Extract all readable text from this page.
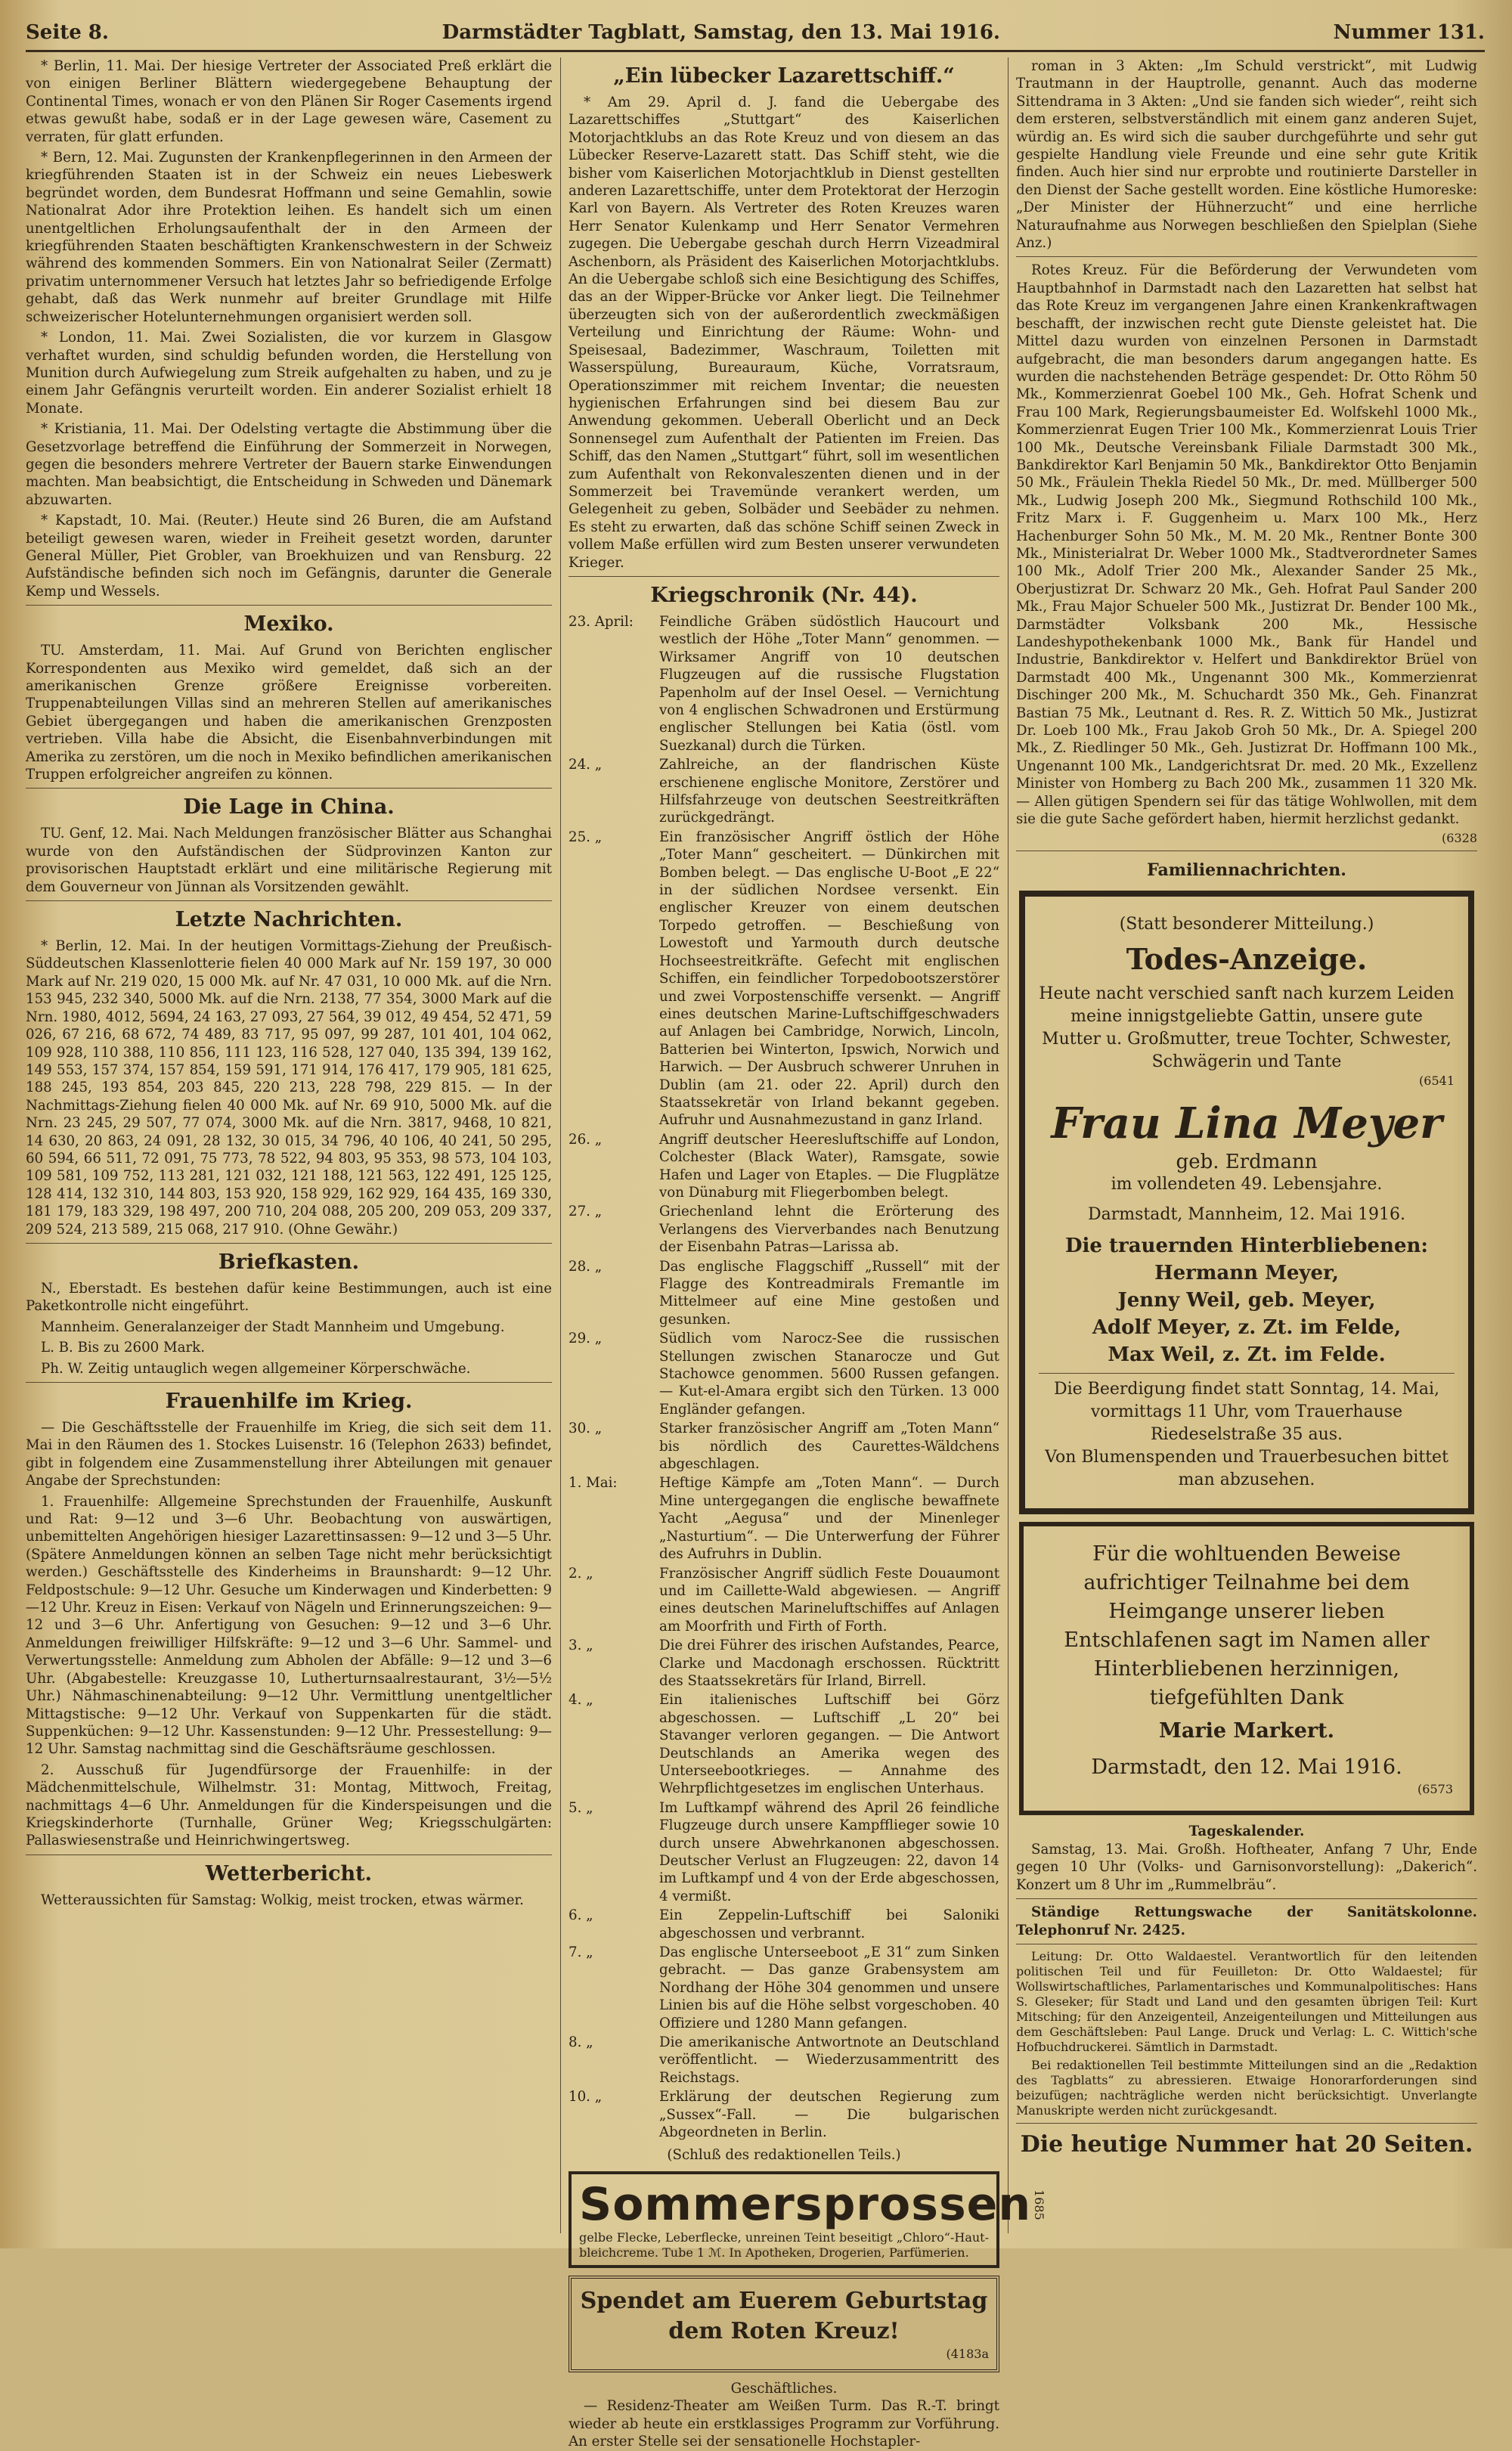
Seite 8.	Darmstädter Tagblatt, Samstag, den 13. Mai 1916.	Nummer 131.

* Berlin, 11. Mai. Der hiesige Vertreter der Associated Preß erklärt die von einigen Berliner Blättern wiedergegebene Behauptung der Continental Times, wonach er von den Plänen Sir Roger Casements irgend etwas gewußt habe, sodaß er in der Lage gewesen wäre, Casement zu verraten, für glatt erfunden.

* Bern, 12. Mai. Zugunsten der Krankenpflegerinnen in den Armeen der kriegführenden Staaten ist in der Schweiz ein neues Liebeswerk begründet worden, dem Bundesrat Hoffmann und seine Gemahlin, sowie Nationalrat Ador ihre Protektion leihen. Es handelt sich um einen unentgeltlichen Erholungsaufenthalt der in den Armeen der kriegführenden Staaten beschäftigten Krankenschwestern in der Schweiz während des kommenden Sommers. Ein von Nationalrat Seiler (Zermatt) privatim unternommener Versuch hat letztes Jahr so befriedigende Erfolge gehabt, daß das Werk nunmehr auf breiter Grundlage mit Hilfe schweizerischer Hotelunternehmungen organisiert werden soll.

* London, 11. Mai. Zwei Sozialisten, die vor kurzem in Glasgow verhaftet wurden, sind schuldig befunden worden, die Herstellung von Munition durch Aufwiegelung zum Streik aufgehalten zu haben, und zu je einem Jahr Gefängnis verurteilt worden. Ein anderer Sozialist erhielt 18 Monate.

* Kristiania, 11. Mai. Der Odelsting vertagte die Abstimmung über die Gesetzvorlage betreffend die Einführung der Sommerzeit in Norwegen, gegen die besonders mehrere Vertreter der Bauern starke Einwendungen machten. Man beabsichtigt, die Entscheidung in Schweden und Dänemark abzuwarten.

* Kapstadt, 10. Mai. (Reuter.) Heute sind 26 Buren, die am Aufstand beteiligt gewesen waren, wieder in Freiheit gesetzt worden, darunter General Müller, Piet Grobler, van Broekhuizen und van Rensburg. 22 Aufständische befinden sich noch im Gefängnis, darunter die Generale Kemp und Wessels.

Mexiko.

TU. Amsterdam, 11. Mai. Auf Grund von Berichten englischer Korrespondenten aus Mexiko wird gemeldet, daß sich an der amerikanischen Grenze größere Ereignisse vorbereiten. Truppenabteilungen Villas sind an mehreren Stellen auf amerikanisches Gebiet übergegangen und haben die amerikanischen Grenzposten vertrieben. Villa habe die Absicht, die Eisenbahnverbindungen mit Amerika zu zerstören, um die noch in Mexiko befindlichen amerikanischen Truppen erfolgreicher angreifen zu können.

Die Lage in China.

TU. Genf, 12. Mai. Nach Meldungen französischer Blätter aus Schanghai wurde von den Aufständischen der Südprovinzen Kanton zur provisorischen Hauptstadt erklärt und eine militärische Regierung mit dem Gouverneur von Jünnan als Vorsitzenden gewählt.

Letzte Nachrichten.

* Berlin, 12. Mai. In der heutigen Vormittags-Ziehung der Preußisch-Süddeutschen Klassenlotterie fielen 40 000 Mark auf Nr. 159 197, 30 000 Mark auf Nr. 219 020, 15 000 Mk. auf Nr. 47 031, 10 000 Mk. auf die Nrn. 153 945, 232 340, 5000 Mk. auf die Nrn. 2138, 77 354, 3000 Mark auf die Nrn. 1980, 4012, 5694, 24 163, 27 093, 27 564, 39 012, 49 454, 52 471, 59 026, 67 216, 68 672, 74 489, 83 717, 95 097, 99 287, 101 401, 104 062, 109 928, 110 388, 110 856, 111 123, 116 528, 127 040, 135 394, 139 162, 149 553, 157 374, 157 854, 159 591, 171 914, 176 417, 179 905, 181 625, 188 245, 193 854, 203 845, 220 213, 228 798, 229 815. — In der Nachmittags-Ziehung fielen 40 000 Mk. auf Nr. 69 910, 5000 Mk. auf die Nrn. 23 245, 29 507, 77 074, 3000 Mk. auf die Nrn. 3817, 9468, 10 821, 14 630, 20 863, 24 091, 28 132, 30 015, 34 796, 40 106, 40 241, 50 295, 60 594, 66 511, 72 091, 75 773, 78 522, 94 803, 95 353, 98 573, 104 103, 109 581, 109 752, 113 281, 121 032, 121 188, 121 563, 122 491, 125 125, 128 414, 132 310, 144 803, 153 920, 158 929, 162 929, 164 435, 169 330, 181 179, 183 329, 198 497, 200 710, 204 088, 205 200, 209 053, 209 337, 209 524, 213 589, 215 068, 217 910. (Ohne Gewähr.)

Briefkasten.

N., Eberstadt. Es bestehen dafür keine Bestimmungen, auch ist eine Paketkontrolle nicht eingeführt.

Mannheim. Generalanzeiger der Stadt Mannheim und Umgebung.

L. B. Bis zu 2600 Mark.

Ph. W. Zeitig untauglich wegen allgemeiner Körperschwäche.

Frauenhilfe im Krieg.

— Die Geschäftsstelle der Frauenhilfe im Krieg, die sich seit dem 11. Mai in den Räumen des 1. Stockes Luisenstr. 16 (Telephon 2633) befindet, gibt in folgendem eine Zusammenstellung ihrer Abteilungen mit genauer Angabe der Sprechstunden:

1. Frauenhilfe: Allgemeine Sprechstunden der Frauenhilfe, Auskunft und Rat: 9—12 und 3—6 Uhr. Beobachtung von auswärtigen, unbemittelten Angehörigen hiesiger Lazarettinsassen: 9—12 und 3—5 Uhr. (Spätere Anmeldungen können an selben Tage nicht mehr berücksichtigt werden.) Geschäftsstelle des Kinderheims in Braunshardt: 9—12 Uhr. Feldpostschule: 9—12 Uhr. Gesuche um Kinderwagen und Kinderbetten: 9—12 Uhr. Kreuz in Eisen: Verkauf von Nägeln und Erinnerungszeichen: 9—12 und 3—6 Uhr. Anfertigung von Gesuchen: 9—12 und 3—6 Uhr. Anmeldungen freiwilliger Hilfskräfte: 9—12 und 3—6 Uhr. Sammel- und Verwertungsstelle: Anmeldung zum Abholen der Abfälle: 9—12 und 3—6 Uhr. (Abgabestelle: Kreuzgasse 10, Lutherturnsaalrestaurant, 3½—5½ Uhr.) Nähmaschinenabteilung: 9—12 Uhr. Vermittlung unentgeltlicher Mittagstische: 9—12 Uhr. Verkauf von Suppenkarten für die städt. Suppenküchen: 9—12 Uhr. Kassenstunden: 9—12 Uhr. Pressestellung: 9—12 Uhr. Samstag nachmittag sind die Geschäftsräume geschlossen.

2. Ausschuß für Jugendfürsorge der Frauenhilfe: in der Mädchenmittelschule, Wilhelmstr. 31: Montag, Mittwoch, Freitag, nachmittags 4—6 Uhr. Anmeldungen für die Kinderspeisungen und die Kriegskinderhorte (Turnhalle, Grüner Weg; Kriegsschulgärten: Pallaswiesenstraße und Heinrichwingertsweg.

Wetterbericht.

Wetteraussichten für Samstag: Wolkig, meist trocken, etwas wärmer.

„Ein lübecker Lazarettschiff.“

* Am 29. April d. J. fand die Uebergabe des Lazarettschiffes „Stuttgart“ des Kaiserlichen Motorjachtklubs an das Rote Kreuz und von diesem an das Lübecker Reserve-Lazarett statt. Das Schiff steht, wie die bisher vom Kaiserlichen Motorjachtklub in Dienst gestellten anderen Lazarettschiffe, unter dem Protektorat der Herzogin Karl von Bayern. Als Vertreter des Roten Kreuzes waren Herr Senator Kulenkamp und Herr Senator Vermehren zugegen. Die Uebergabe geschah durch Herrn Vizeadmiral Aschenborn, als Präsident des Kaiserlichen Motorjachtklubs. An die Uebergabe schloß sich eine Besichtigung des Schiffes, das an der Wipper-Brücke vor Anker liegt. Die Teilnehmer überzeugten sich von der außerordentlich zweckmäßigen Verteilung und Einrichtung der Räume: Wohn- und Speisesaal, Badezimmer, Waschraum, Toiletten mit Wasserspülung, Bureauraum, Küche, Vorratsraum, Operationszimmer mit reichem Inventar; die neuesten hygienischen Erfahrungen sind bei diesem Bau zur Anwendung gekommen. Ueberall Oberlicht und an Deck Sonnensegel zum Aufenthalt der Patienten im Freien. Das Schiff, das den Namen „Stuttgart“ führt, soll im wesentlichen zum Aufenthalt von Rekonvaleszenten dienen und in der Sommerzeit bei Travemünde verankert werden, um Gelegenheit zu geben, Solbäder und Seebäder zu nehmen. Es steht zu erwarten, daß das schöne Schiff seinen Zweck in vollem Maße erfüllen wird zum Besten unserer verwundeten Krieger.

Kriegschronik (Nr. 44).
23. April:	Feindliche Gräben südöstlich Haucourt und westlich der Höhe „Toter Mann“ genommen. — Wirksamer Angriff von 10 deutschen Flugzeugen auf die russische Flugstation Papenholm auf der Insel Oesel. — Vernichtung von 4 englischen Schwadronen und Erstürmung englischer Stellungen bei Katia (östl. vom Suezkanal) durch die Türken.
24. „	Zahlreiche, an der flandrischen Küste erschienene englische Monitore, Zerstörer und Hilfsfahrzeuge von deutschen Seestreitkräften zurückgedrängt.
25. „	Ein französischer Angriff östlich der Höhe „Toter Mann“ gescheitert. — Dünkirchen mit Bomben belegt. — Das englische U-Boot „E 22“ in der südlichen Nordsee versenkt. Ein englischer Kreuzer von einem deutschen Torpedo getroffen. — Beschießung von Lowestoft und Yarmouth durch deutsche Hochseestreitkräfte. Gefecht mit englischen Schiffen, ein feindlicher Torpedobootszerstörer und zwei Vorpostenschiffe versenkt. — Angriff eines deutschen Marine-Luftschiffgeschwaders auf Anlagen bei Cambridge, Norwich, Lincoln, Batterien bei Winterton, Ipswich, Norwich und Harwich. — Der Ausbruch schwerer Unruhen in Dublin (am 21. oder 22. April) durch den Staatssekretär von Irland bekannt gegeben. Aufruhr und Ausnahmezustand in ganz Irland.
26. „	Angriff deutscher Heeresluftschiffe auf London, Colchester (Black Water), Ramsgate, sowie Hafen und Lager von Etaples. — Die Flugplätze von Dünaburg mit Fliegerbomben belegt.
27. „	Griechenland lehnt die Erörterung des Verlangens des Vierverbandes nach Benutzung der Eisenbahn Patras—Larissa ab.
28. „	Das englische Flaggschiff „Russell“ mit der Flagge des Kontreadmirals Fremantle im Mittelmeer auf eine Mine gestoßen und gesunken.
29. „	Südlich vom Narocz-See die russischen Stellungen zwischen Stanarocze und Gut Stachowce genommen. 5600 Russen gefangen. — Kut-el-Amara ergibt sich den Türken. 13 000 Engländer gefangen.
30. „	Starker französischer Angriff am „Toten Mann“ bis nördlich des Caurettes-Wäldchens abgeschlagen.
1. Mai:	Heftige Kämpfe am „Toten Mann“. — Durch Mine untergegangen die englische bewaffnete Yacht „Aegusa“ und der Minenleger „Nasturtium“. — Die Unterwerfung der Führer des Aufruhrs in Dublin.
2. „	Französischer Angriff südlich Feste Douaumont und im Caillette-Wald abgewiesen. — Angriff eines deutschen Marineluftschiffes auf Anlagen am Moorfrith und Firth of Forth.
3. „	Die drei Führer des irischen Aufstandes, Pearce, Clarke und Macdonagh erschossen. Rücktritt des Staatssekretärs für Irland, Birrell.
4. „	Ein italienisches Luftschiff bei Görz abgeschossen. — Luftschiff „L 20“ bei Stavanger verloren gegangen. — Die Antwort Deutschlands an Amerika wegen des Unterseebootkrieges. — Annahme des Wehrpflichtgesetzes im englischen Unterhaus.
5. „	Im Luftkampf während des April 26 feindliche Flugzeuge durch unsere Kampfflieger sowie 10 durch unsere Abwehrkanonen abgeschossen. Deutscher Verlust an Flugzeugen: 22, davon 14 im Luftkampf und 4 von der Erde abgeschossen, 4 vermißt.
6. „	Ein Zeppelin-Luftschiff bei Saloniki abgeschossen und verbrannt.
7. „	Das englische Unterseeboot „E 31“ zum Sinken gebracht. — Das ganze Grabensystem am Nordhang der Höhe 304 genommen und unsere Linien bis auf die Höhe selbst vorgeschoben. 40 Offiziere und 1280 Mann gefangen.
8. „	Die amerikanische Antwortnote an Deutschland veröffentlicht. — Wiederzusammentritt des Reichstags.
10. „	Erklärung der deutschen Regierung zum „Sussex“-Fall. — Die bulgarischen Abgeordneten in Berlin.
(Schluß des redaktionellen Teils.)
Sommersprossen 1685
gelbe Flecke, Leberflecke, unreinen Teint beseitigt „Chloro“-Haut-bleichcreme. Tube 1 ℳ. In Apotheken, Drogerien, Parfümerien.
Spendet am Euerem Geburtstag dem Roten Kreuz!
(4183a
Geschäftliches.

— Residenz-Theater am Weißen Turm. Das R.-T. bringt wieder ab heute ein erstklassiges Programm zur Vorführung. An erster Stelle sei der sensationelle Hochstapler-

roman in 3 Akten: „Im Schuld verstrickt“, mit Ludwig Trautmann in der Hauptrolle, genannt. Auch das moderne Sittendrama in 3 Akten: „Und sie fanden sich wieder“, reiht sich dem ersteren, selbstverständlich mit einem ganz anderen Sujet, würdig an. Es wird sich die sauber durchgeführte und sehr gut gespielte Handlung viele Freunde und eine sehr gute Kritik finden. Auch hier sind nur erprobte und routinierte Darsteller in den Dienst der Sache gestellt worden. Eine köstliche Humoreske: „Der Minister der Hühnerzucht“ und eine herrliche Naturaufnahme aus Norwegen beschließen den Spielplan (Siehe Anz.)

Rotes Kreuz. Für die Beförderung der Verwundeten vom Hauptbahnhof in Darmstadt nach den Lazaretten hat selbst hat das Rote Kreuz im vergangenen Jahre einen Krankenkraftwagen beschafft, der inzwischen recht gute Dienste geleistet hat. Die Mittel dazu wurden von einzelnen Personen in Darmstadt aufgebracht, die man besonders darum angegangen hatte. Es wurden die nachstehenden Beträge gespendet: Dr. Otto Röhm 50 Mk., Kommerzienrat Goebel 100 Mk., Geh. Hofrat Schenk und Frau 100 Mark, Regierungsbaumeister Ed. Wolfskehl 1000 Mk., Kommerzienrat Eugen Trier 100 Mk., Kommerzienrat Louis Trier 100 Mk., Deutsche Vereinsbank Filiale Darmstadt 300 Mk., Bankdirektor Karl Benjamin 50 Mk., Bankdirektor Otto Benjamin 50 Mk., Fräulein Thekla Riedel 50 Mk., Dr. med. Müllberger 500 Mk., Ludwig Joseph 200 Mk., Siegmund Rothschild 100 Mk., Fritz Marx i. F. Guggenheim u. Marx 100 Mk., Herz Hachenburger Sohn 50 Mk., M. M. 20 Mk., Rentner Bonte 300 Mk., Ministerialrat Dr. Weber 1000 Mk., Stadtverordneter Sames 100 Mk., Adolf Trier 200 Mk., Alexander Sander 25 Mk., Oberjustizrat Dr. Schwarz 20 Mk., Geh. Hofrat Paul Sander 200 Mk., Frau Major Schueler 500 Mk., Justizrat Dr. Bender 100 Mk., Darmstädter Volksbank 200 Mk., Hessische Landeshypothekenbank 1000 Mk., Bank für Handel und Industrie, Bankdirektor v. Helfert und Bankdirektor Brüel von Darmstadt 400 Mk., Ungenannt 300 Mk., Kommerzienrat Dischinger 200 Mk., M. Schuchardt 350 Mk., Geh. Finanzrat Bastian 75 Mk., Leutnant d. Res. R. Z. Wittich 50 Mk., Justizrat Dr. Loeb 100 Mk., Frau Jakob Groh 50 Mk., Dr. A. Spiegel 200 Mk., Z. Riedlinger 50 Mk., Geh. Justizrat Dr. Hoffmann 100 Mk., Ungenannt 100 Mk., Landgerichtsrat Dr. med. 20 Mk., Exzellenz Minister von Homberg zu Bach 200 Mk., zusammen 11 320 Mk. — Allen gütigen Spendern sei für das tätige Wohlwollen, mit dem sie die gute Sache gefördert haben, hiermit herzlichst gedankt.

(6328
Familiennachrichten.
(Statt besonderer Mitteilung.)
Todes-Anzeige.
Heute nacht verschied sanft nach kurzem Leiden meine innigstgeliebte Gattin, unsere gute Mutter u. Großmutter, treue Tochter, Schwester, Schwägerin und Tante
(6541
Frau Lina Meyer
geb. Erdmann
im vollendeten 49. Lebensjahre.
Darmstadt, Mannheim, 12. Mai 1916.
Die trauernden Hinterbliebenen:
Hermann Meyer,
Jenny Weil, geb. Meyer,
Adolf Meyer, z. Zt. im Felde,
Max Weil, z. Zt. im Felde.
Die Beerdigung findet statt Sonntag, 14. Mai, vormittags 11 Uhr, vom Trauerhause Riedeselstraße 35 aus.
Von Blumenspenden und Trauerbesuchen bittet man abzusehen.
Für die wohltuenden Beweise aufrichtiger Teilnahme bei dem Heimgange unserer lieben Entschlafenen sagt im Namen aller Hinterbliebenen herzinnigen, tiefgefühlten Dank
Marie Markert.
Darmstadt, den 12. Mai 1916.
(6573
Tageskalender.

Samstag, 13. Mai. Großh. Hoftheater, Anfang 7 Uhr, Ende gegen 10 Uhr (Volks- und Garnisonvorstellung): „Dakerich“. Konzert um 8 Uhr im „Rummelbräu“.

Ständige Rettungswache der Sanitätskolonne. Telephonruf Nr. 2425.

Leitung: Dr. Otto Waldaestel. Verantwortlich für den leitenden politischen Teil und für Feuilleton: Dr. Otto Waldaestel; für Wollswirtschaftliches, Parlamentarisches und Kommunalpolitisches: Hans S. Gleseker; für Stadt und Land und den gesamten übrigen Teil: Kurt Mitsching; für den Anzeigenteil, Anzeigenteilungen und Mitteilungen aus dem Geschäftsleben: Paul Lange. Druck und Verlag: L. C. Wittich'sche Hofbuchdruckerei. Sämtlich in Darmstadt.

Bei redaktionellen Teil bestimmte Mitteilungen sind an die „Redaktion des Tagblatts“ zu abressieren. Etwaige Honorarforderungen sind beizufügen; nachträgliche werden nicht berücksichtigt. Unverlangte Manuskripte werden nicht zurückgesandt.

Die heutige Nummer hat 20 Seiten.
